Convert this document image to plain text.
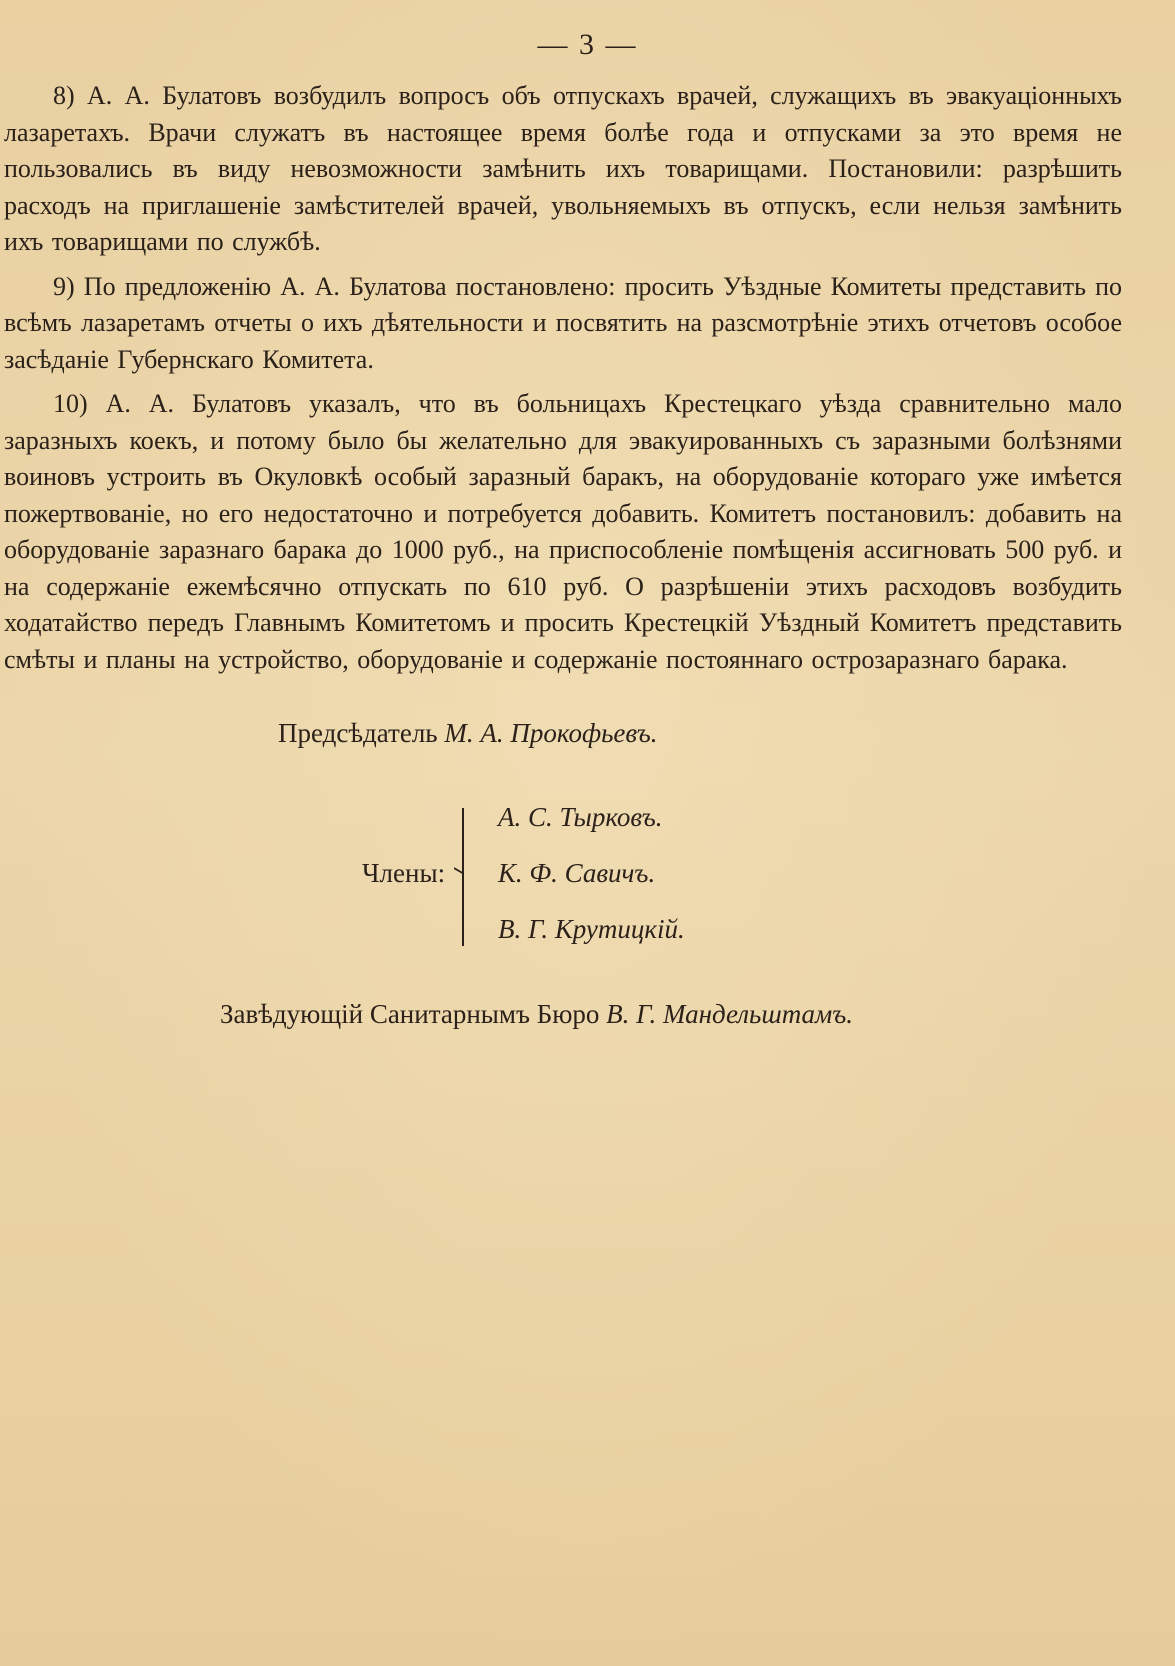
— 3 —

8) А. А. Булатовъ возбудилъ вопросъ объ отпускахъ врачей, служащихъ въ эвакуаціонныхъ лазаретахъ. Врачи служатъ въ настоящее время болѣе года и отпусками за это время не пользовались въ виду невозможности замѣнить ихъ товарищами. Постановили: разрѣшить расходъ на приглашеніе замѣстителей врачей, увольняемыхъ въ отпускъ, если нельзя замѣнить ихъ товарищами по службѣ.

9) По предложенію А. А. Булатова постановлено: просить Уѣздные Комитеты представить по всѣмъ лазаретамъ отчеты о ихъ дѣятельности и посвятить на разсмотрѣніе этихъ отчетовъ особое засѣданіе Губернскаго Комитета.

10) А. А. Булатовъ указалъ, что въ больницахъ Крестецкаго уѣзда сравнительно мало заразныхъ коекъ, и потому было бы желательно для эвакуированныхъ съ заразными болѣзнями воиновъ устроить въ Окуловкѣ особый заразный баракъ, на оборудованіе котораго уже имѣется пожертвованіе, но его недостаточно и потребуется добавить. Комитетъ постановилъ: добавить на оборудованіе заразнаго барака до 1000 руб., на приспособленіе помѣщенія ассигновать 500 руб. и на содержаніе ежемѣсячно отпускать по 610 руб. О разрѣшеніи этихъ расходовъ возбудить ходатайство передъ Главнымъ Комитетомъ и просить Крестецкій Уѣздный Комитетъ представить смѣты и планы на устройство, оборудованіе и содержаніе постояннаго острозаразнаго барака.

Предсѣдатель М. А. Прокофьевъ.
Члены:
А. С. Тырковъ.
К. Ф. Савичъ.
В. Г. Крутицкій.
Завѣдующій Санитарнымъ Бюро В. Г. Мандельштамъ.
